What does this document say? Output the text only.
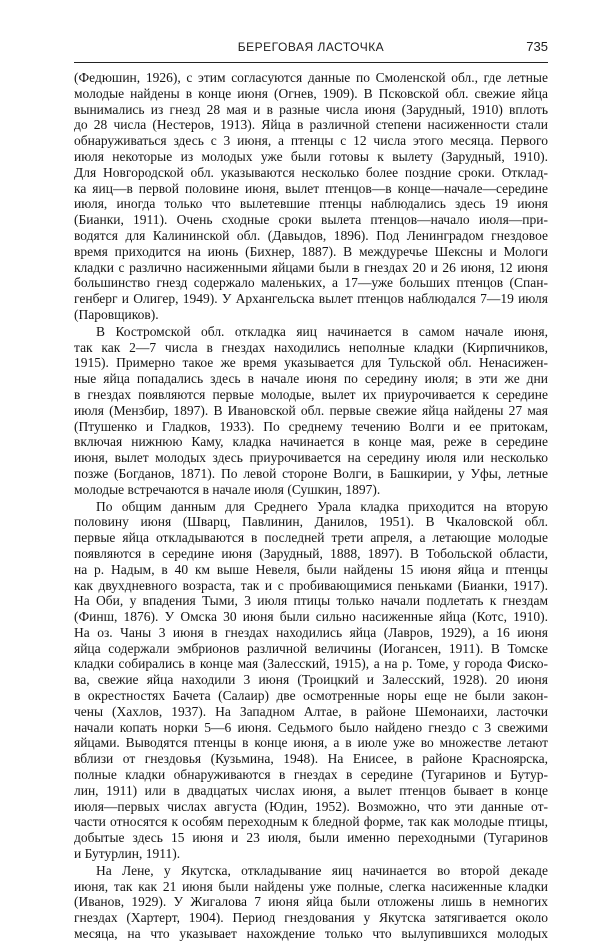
БЕРЕГОВАЯ ЛАСТОЧКА	735

(Федюшин, 1926), с этим согласуются данные по Смоленской обл., где летные
молодые найдены в конце июня (Огнев, 1909). В Псковской обл. свежие яйца
вынимались из гнезд 28 мая и в разные числа июня (Зарудный, 1910) вплоть
до 28 числа (Нестеров, 1913). Яйца в различной степени насиженности стали
обнаруживаться здесь с 3 июня, а птенцы с 12 числа этого месяца. Первого
июля некоторые из молодых уже были готовы к вылету (Зарудный, 1910).
Для Новгородской обл. указываются несколько более поздние сроки. Отклад-
ка яиц—в первой половине июня, вылет птенцов—в конце—начале—середине
июля, иногда только что вылетевшие птенцы наблюдались здесь 19 июня
(Бианки, 1911). Очень сходные сроки вылета птенцов—начало июля—при-
водятся для Калининской обл. (Давыдов, 1896). Под Ленинградом гнездовое
время приходится на июнь (Бихнер, 1887). В междуречье Шексны и Мологи
кладки с различно насиженными яйцами были в гнездах 20 и 26 июня, 12 июня
большинство гнезд содержало маленьких, а 17—уже больших птенцов (Спан-
генберг и Олигер, 1949). У Архангельска вылет птенцов наблюдался 7—19 июля
(Паровщиков).

В Костромской обл. откладка яиц начинается в самом начале июня,
так как 2—7 числа в гнездах находились неполные кладки (Кирпичников,
1915). Примерно такое же время указывается для Тульской обл. Ненасижен-
ные яйца попадались здесь в начале июня по середину июля; в эти же дни
в гнездах появляются первые молодые, вылет их приурочивается к середине
июля (Мензбир, 1897). В Ивановской обл. первые свежие яйца найдены 27 мая
(Птушенко и Гладков, 1933). По среднему течению Волги и ее притокам,
включая нижнюю Каму, кладка начинается в конце мая, реже в середине
июня, вылет молодых здесь приурочивается на середину июля или несколько
позже (Богданов, 1871). По левой стороне Волги, в Башкирии, у Уфы, летные
молодые встречаются в начале июля (Сушкин, 1897).

По общим данным для Среднего Урала кладка приходится на вторую
половину июня (Шварц, Павлинин, Данилов, 1951). В Чкаловской обл.
первые яйца откладываются в последней трети апреля, а летающие молодые
появляются в середине июня (Зарудный, 1888, 1897). В Тобольской области,
на р. Надым, в 40 км выше Невеля, были найдены 15 июня яйца и птенцы
как двухдневного возраста, так и с пробивающимися пеньками (Бианки, 1917).
На Оби, у впадения Тыми, 3 июля птицы только начали подлетать к гнездам
(Финш, 1876). У Омска 30 июня были сильно насиженные яйца (Котс, 1910).
На оз. Чаны 3 июня в гнездах находились яйца (Лавров, 1929), а 16 июня
яйца содержали эмбрионов различной величины (Иогансен, 1911). В Томске
кладки собирались в конце мая (Залесский, 1915), а на р. Томе, у города Фиско-
ва, свежие яйца находили 3 июня (Троицкий и Залесский, 1928). 20 июня
в окрестностях Бачета (Салаир) две осмотренные норы еще не были закон-
чены (Хахлов, 1937). На Западном Алтае, в районе Шемонаихи, ласточки
начали копать норки 5—6 июня. Седьмого было найдено гнездо с 3 свежими
яйцами. Выводятся птенцы в конце июня, а в июле уже во множестве летают
вблизи от гнездовья (Кузьмина, 1948). На Енисее, в районе Красноярска,
полные кладки обнаруживаются в гнездах в середине (Тугаринов и Бутур-
лин, 1911) или в двадцатых числах июня, а вылет птенцов бывает в конце
июля—первых числах августа (Юдин, 1952). Возможно, что эти данные от-
части относятся к особям переходным к бледной форме, так как молодые птицы,
добытые здесь 15 июня и 23 июля, были именно переходными (Тугаринов
и Бутурлин, 1911).

На Лене, у Якутска, откладывание яиц начинается во второй декаде
июня, так как 21 июня были найдены уже полные, слегка насиженные кладки
(Иванов, 1929). У Жигалова 7 июня яйца были отложены лишь в немногих
гнездах (Хартерт, 1904). Период гнездования у Якутска затягивается около
месяца, на что указывает нахождение только что вылупившихся молодых
